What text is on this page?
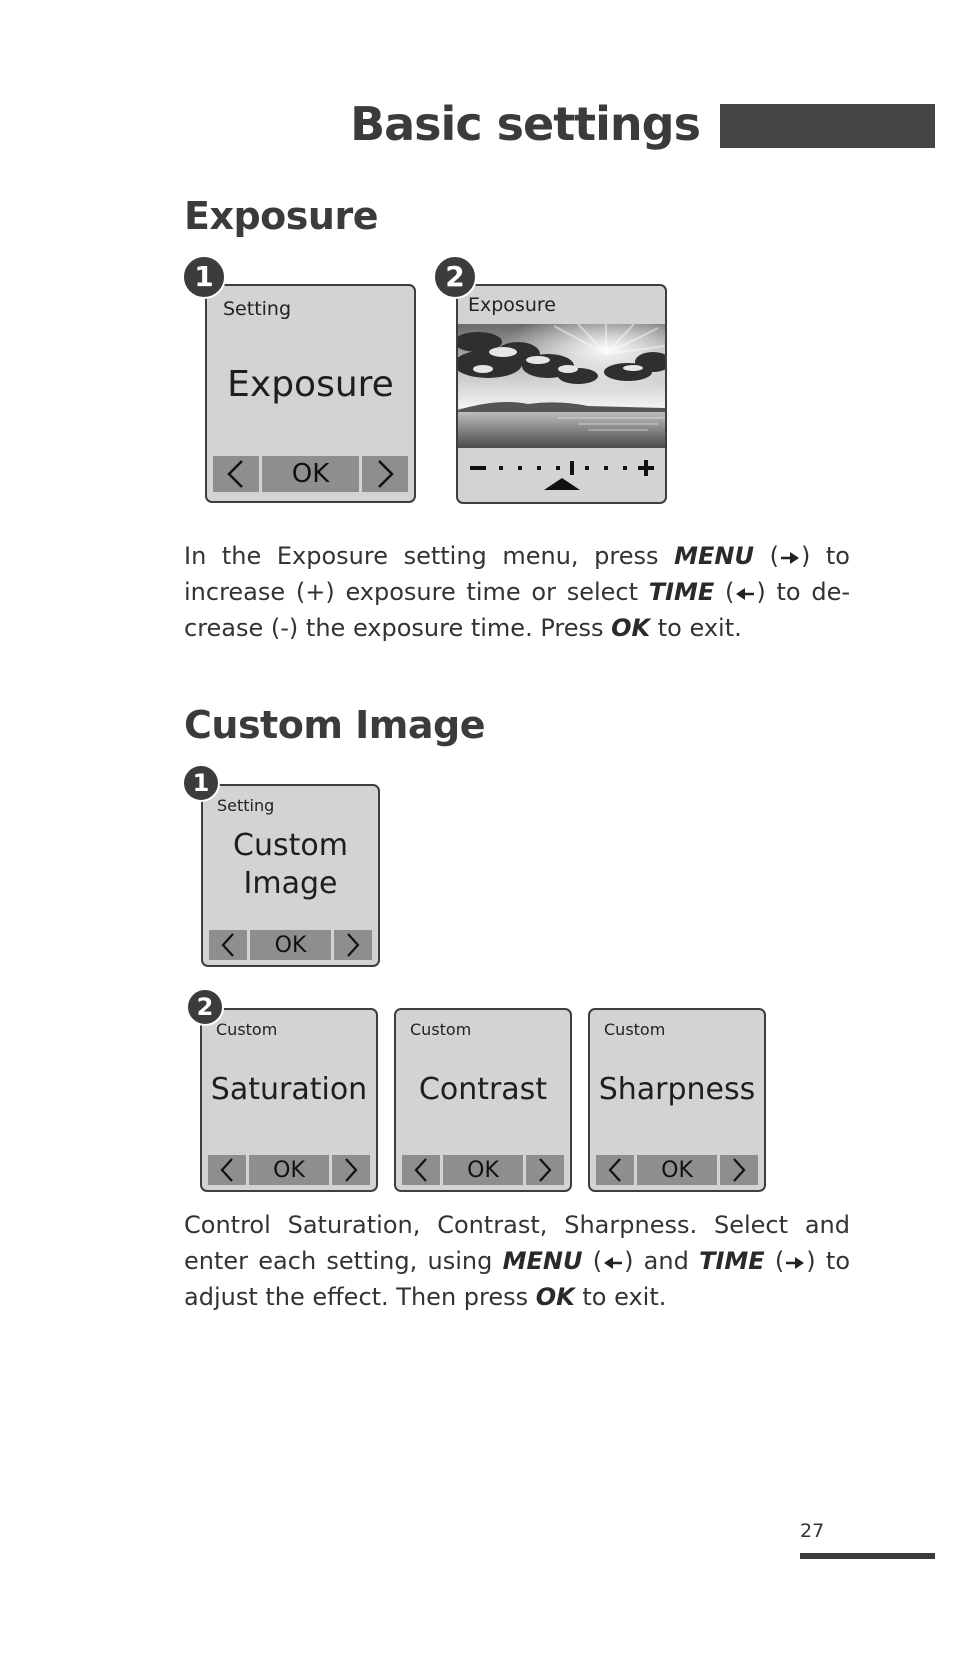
Basic settings
Exposure
1
Setting
Exposure
OK
2
Exposure

In the Exposure setting menu, press MENU ( ) to increase (+) exposure time or select TIME ( ) to de-crease (-) the exposure time. Press OK to exit.

Custom Image
1
Setting
Custom
Image
OK
2
Custom
Saturation
OK
Custom
Contrast
OK
Custom
Sharpness
OK

Control Saturation, Contrast, Sharpness. Select and enter each setting, using MENU ( ) and TIME ( ) to adjust the effect. Then press OK to exit.

27
